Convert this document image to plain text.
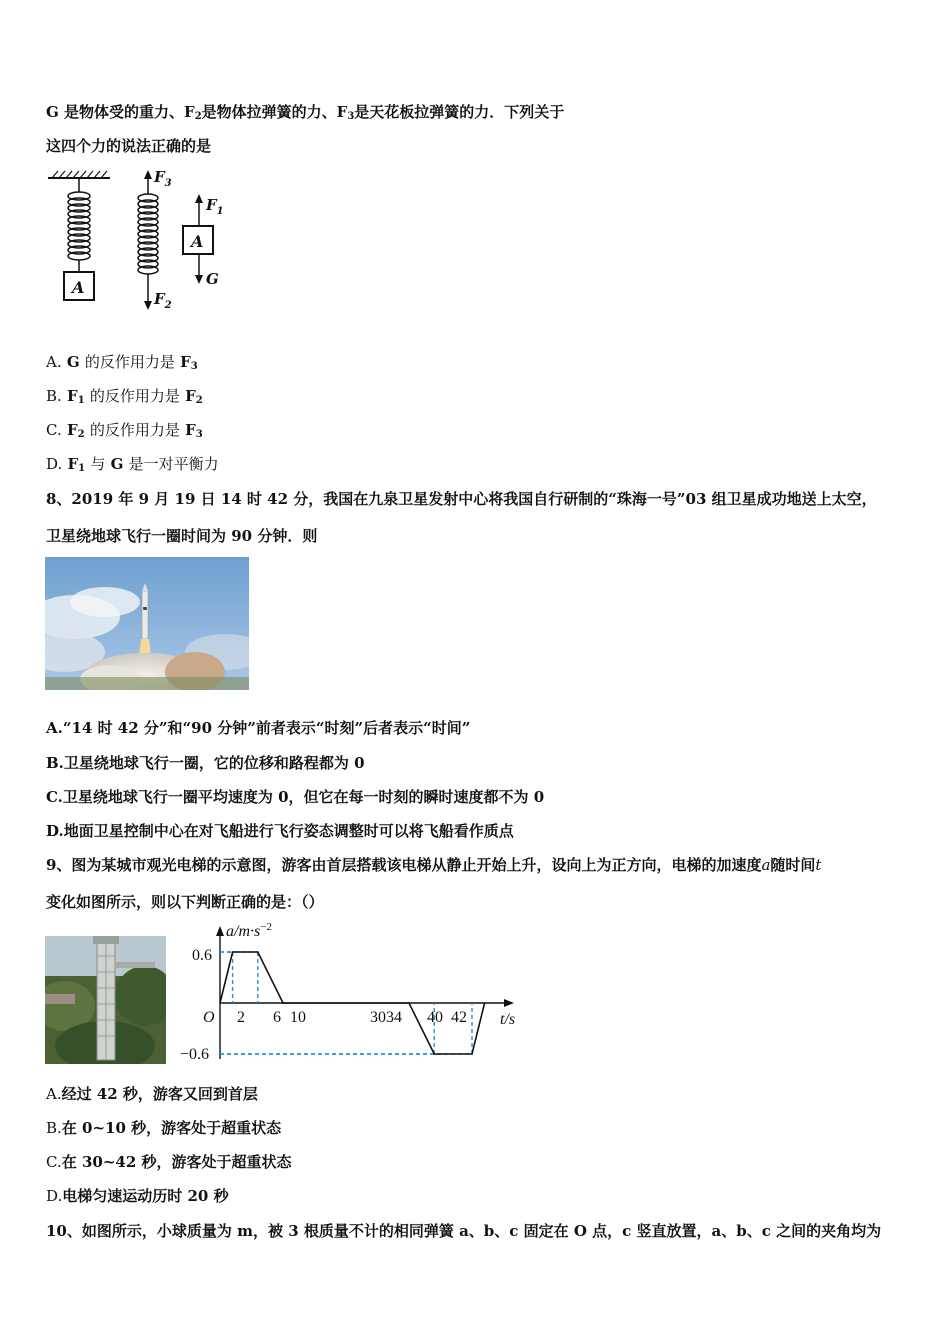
G 是物体受的重力、$F_2$是物体拉弹簧的力、$F_3$是天花板拉弹簧的力．下列关于
这四个力的说法正确的是
A
$F_3$
$F_2$
$F_1$
A
G
A. G 的反作用力是 $F_3$
B. $F_1$ 的反作用力是 $F_2$
C. $F_2$ 的反作用力是 $F_3$
D. $F_1$ 与 G 是一对平衡力
8、2019 年 9 月 19 日 14 时 42 分，我国在九泉卫星发射中心将我国自行研制的“珠海一号”03 组卫星成功地送上太空，
卫星绕地球飞行一圈时间为 90 分钟．则
A.“14 时 42 分”和“90 分钟”前者表示“时刻”后者表示“时间”
B.卫星绕地球飞行一圈，它的位移和路程都为 0
C.卫星绕地球飞行一圈平均速度为 0，但它在每一时刻的瞬时速度都不为 0
D.地面卫星控制中心在对飞船进行飞行姿态调整时可以将飞船看作质点
9、图为某城市观光电梯的示意图，游客由首层搭载该电梯从静止开始上升，设向上为正方向，电梯的加速度a随时间t
变化如图所示，则以下判断正确的是：（）
$a/m\cdot s^{-2}$
t/s
O
0.6
−0.6
2 6 10	3034 40 42
A.经过 42 秒，游客又回到首层
B.在 0~10 秒，游客处于超重状态
C.在 30~42 秒，游客处于超重状态
D.电梯匀速运动历时 20 秒
10、如图所示，小球质量为 m，被 3 根质量不计的相同弹簧 a、b、c 固定在 O 点，c 竖直放置，a、b、c 之间的夹角均为
